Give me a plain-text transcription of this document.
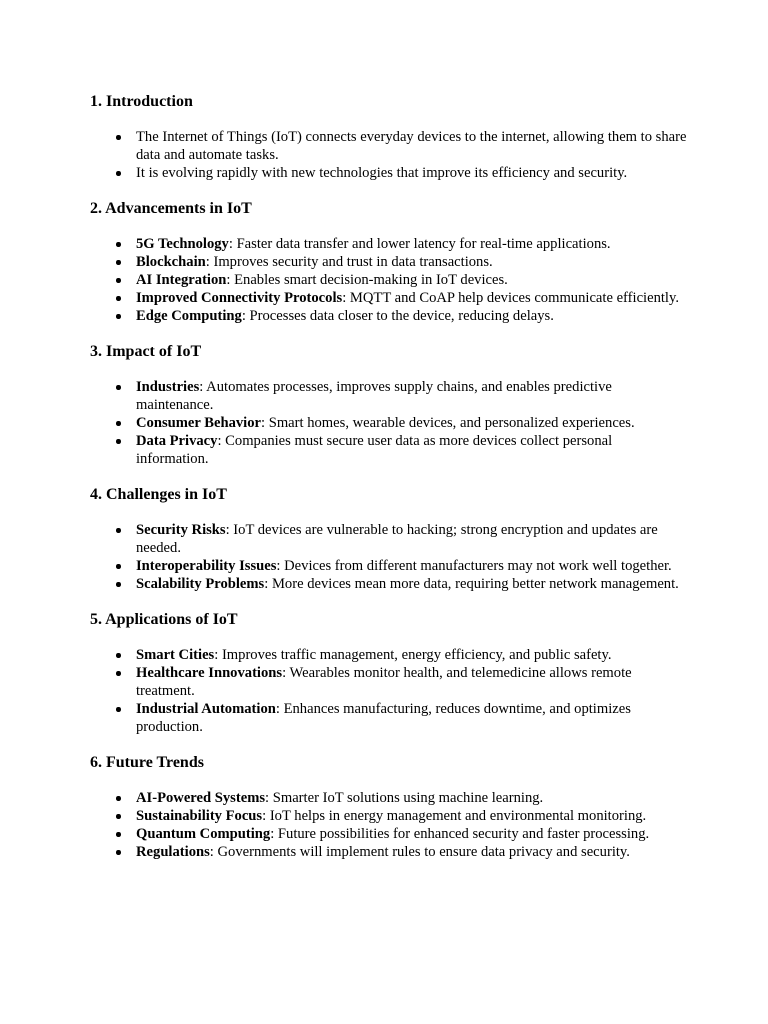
1. Introduction
The Internet of Things (IoT) connects everyday devices to the internet, allowing them to share data and automate tasks.
It is evolving rapidly with new technologies that improve its efficiency and security.
2. Advancements in IoT
5G Technology: Faster data transfer and lower latency for real-time applications.
Blockchain: Improves security and trust in data transactions.
AI Integration: Enables smart decision-making in IoT devices.
Improved Connectivity Protocols: MQTT and CoAP help devices communicate efficiently.
Edge Computing: Processes data closer to the device, reducing delays.
3. Impact of IoT
Industries: Automates processes, improves supply chains, and enables predictive maintenance.
Consumer Behavior: Smart homes, wearable devices, and personalized experiences.
Data Privacy: Companies must secure user data as more devices collect personal information.
4. Challenges in IoT
Security Risks: IoT devices are vulnerable to hacking; strong encryption and updates are needed.
Interoperability Issues: Devices from different manufacturers may not work well together.
Scalability Problems: More devices mean more data, requiring better network management.
5. Applications of IoT
Smart Cities: Improves traffic management, energy efficiency, and public safety.
Healthcare Innovations: Wearables monitor health, and telemedicine allows remote treatment.
Industrial Automation: Enhances manufacturing, reduces downtime, and optimizes production.
6. Future Trends
AI-Powered Systems: Smarter IoT solutions using machine learning.
Sustainability Focus: IoT helps in energy management and environmental monitoring.
Quantum Computing: Future possibilities for enhanced security and faster processing.
Regulations: Governments will implement rules to ensure data privacy and security.
